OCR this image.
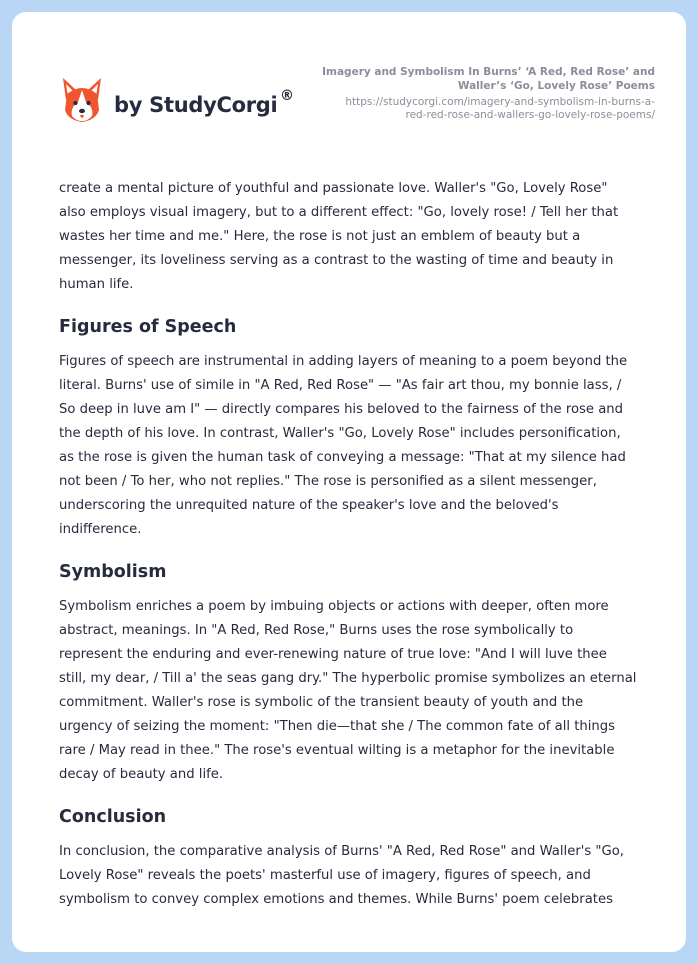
by StudyCorgi ®
Imagery and Symbolism In Burns’ ‘A Red, Red Rose’ and
Waller’s ‘Go, Lovely Rose’ Poems
https://studycorgi.com/imagery-and-symbolism-in-burns-a-
red-red-rose-and-wallers-go-lovely-rose-poems/
create a mental picture of youthful and passionate love. Waller's "Go, Lovely Rose"
also employs visual imagery, but to a different effect: "Go, lovely rose! / Tell her that
wastes her time and me." Here, the rose is not just an emblem of beauty but a
messenger, its loveliness serving as a contrast to the wasting of time and beauty in
human life.
Figures of Speech
Figures of speech are instrumental in adding layers of meaning to a poem beyond the
literal. Burns' use of simile in "A Red, Red Rose" — "As fair art thou, my bonnie lass, /
So deep in luve am I" — directly compares his beloved to the fairness of the rose and
the depth of his love. In contrast, Waller's "Go, Lovely Rose" includes personification,
as the rose is given the human task of conveying a message: "That at my silence had
not been / To her, who not replies." The rose is personified as a silent messenger,
underscoring the unrequited nature of the speaker's love and the beloved's
indifference.
Symbolism
Symbolism enriches a poem by imbuing objects or actions with deeper, often more
abstract, meanings. In "A Red, Red Rose," Burns uses the rose symbolically to
represent the enduring and ever-renewing nature of true love: "And I will luve thee
still, my dear, / Till a' the seas gang dry." The hyperbolic promise symbolizes an eternal
commitment. Waller's rose is symbolic of the transient beauty of youth and the
urgency of seizing the moment: "Then die—that she / The common fate of all things
rare / May read in thee." The rose's eventual wilting is a metaphor for the inevitable
decay of beauty and life.
Conclusion
In conclusion, the comparative analysis of Burns' "A Red, Red Rose" and Waller's "Go,
Lovely Rose" reveals the poets' masterful use of imagery, figures of speech, and
symbolism to convey complex emotions and themes. While Burns' poem celebrates
